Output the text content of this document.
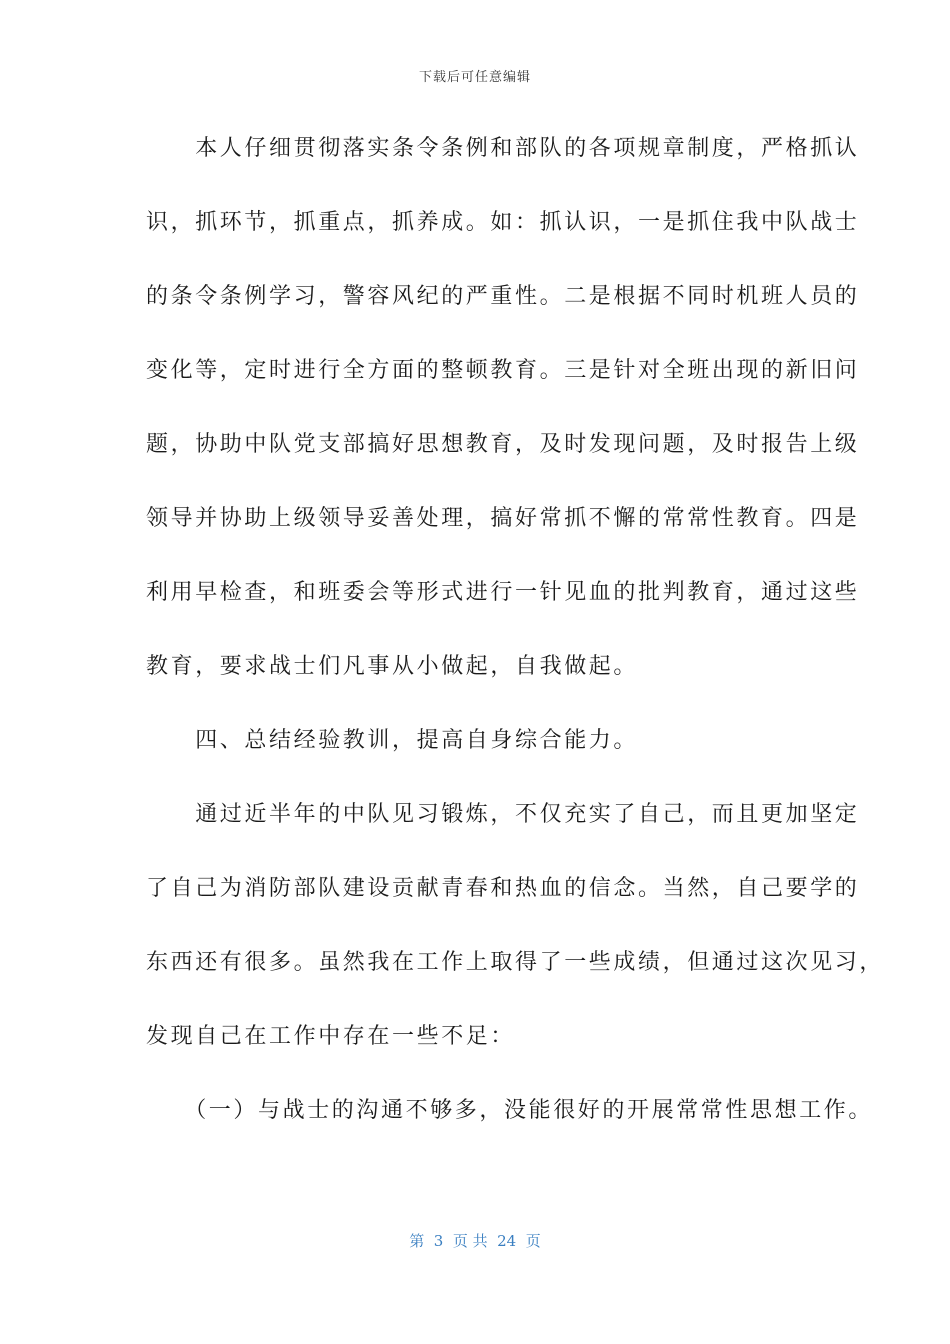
下载后可任意编辑
　　本人仔细贯彻落实条令条例和部队的各项规章制度，严格抓认
识，抓环节，抓重点，抓养成。如：抓认识，一是抓住我中队战士
的条令条例学习，警容风纪的严重性。二是根据不同时机班人员的
变化等，定时进行全方面的整顿教育。三是针对全班出现的新旧问
题，协助中队党支部搞好思想教育，及时发现问题，及时报告上级
领导并协助上级领导妥善处理，搞好常抓不懈的常常性教育。四是
利用早检查，和班委会等形式进行一针见血的批判教育，通过这些
教育，要求战士们凡事从小做起，自我做起。
　　四、总结经验教训，提高自身综合能力。
　　通过近半年的中队见习锻炼，不仅充实了自己，而且更加坚定
了自己为消防部队建设贡献青春和热血的信念。当然，自己要学的
东西还有很多。虽然我在工作上取得了一些成绩，但通过这次见习，
发现自己在工作中存在一些不足：
　　（一）与战士的沟通不够多，没能很好的开展常常性思想工作。
第  3  页 共  24  页
